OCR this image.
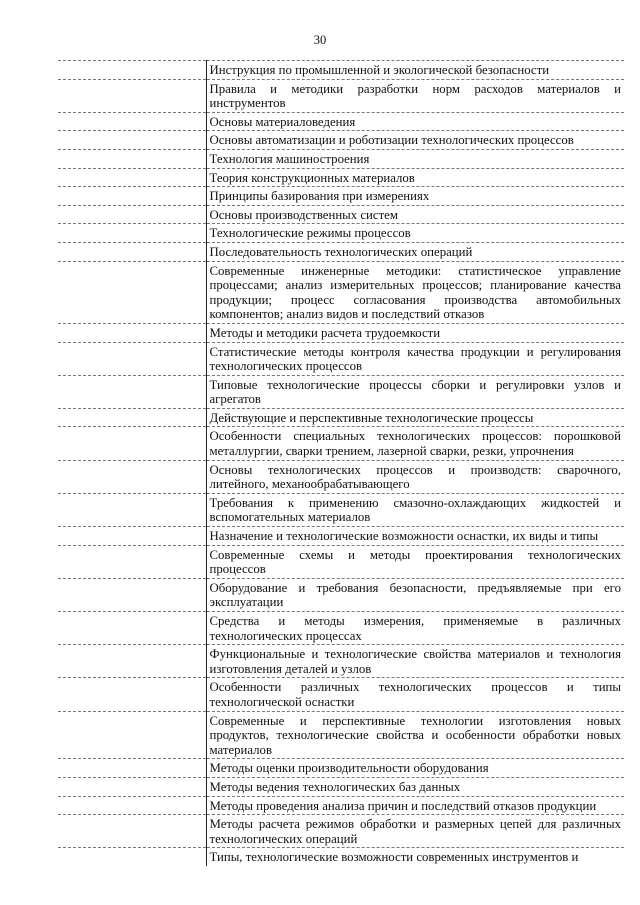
30
	Инструкция по промышленной и экологической безопасности
	Правила и методики разработки норм расходов материалов и инструментов
	Основы материаловедения
	Основы автоматизации и роботизации технологических процессов
	Технология машиностроения
	Теория конструкционных материалов
	Принципы базирования при измерениях
	Основы производственных систем
	Технологические режимы процессов
	Последовательность технологических операций
	Современные инженерные методики: статистическое управление процессами; анализ измерительных процессов; планирование качества продукции; процесс согласования производства автомобильных компонентов; анализ видов и последствий отказов
	Методы и методики расчета трудоемкости
	Статистические методы контроля качества продукции и регулирования технологических процессов
	Типовые технологические процессы сборки и регулировки узлов и агрегатов
	Действующие и перспективные технологические процессы
	Особенности специальных технологических процессов: порошковой металлургии, сварки трением, лазерной сварки, резки, упрочнения
	Основы технологических процессов и производств: сварочного, литейного, механообрабатывающего
	Требования к применению смазочно-охлаждающих жидкостей и вспомогательных материалов
	Назначение и технологические возможности оснастки, их виды и типы
	Современные схемы и методы проектирования технологических процессов
	Оборудование и требования безопасности, предъявляемые при его эксплуатации
	Средства и методы измерения, применяемые в различных технологических процессах
	Функциональные и технологические свойства материалов и технология изготовления деталей и узлов
	Особенности различных технологических процессов и типы технологической оснастки
	Современные и перспективные технологии изготовления новых продуктов, технологические свойства и особенности обработки новых материалов
	Методы оценки производительности оборудования
	Методы ведения технологических баз данных
	Методы проведения анализа причин и последствий отказов продукции
	Методы расчета режимов обработки и размерных цепей для различных технологических операций
	Типы, технологические возможности современных инструментов и
